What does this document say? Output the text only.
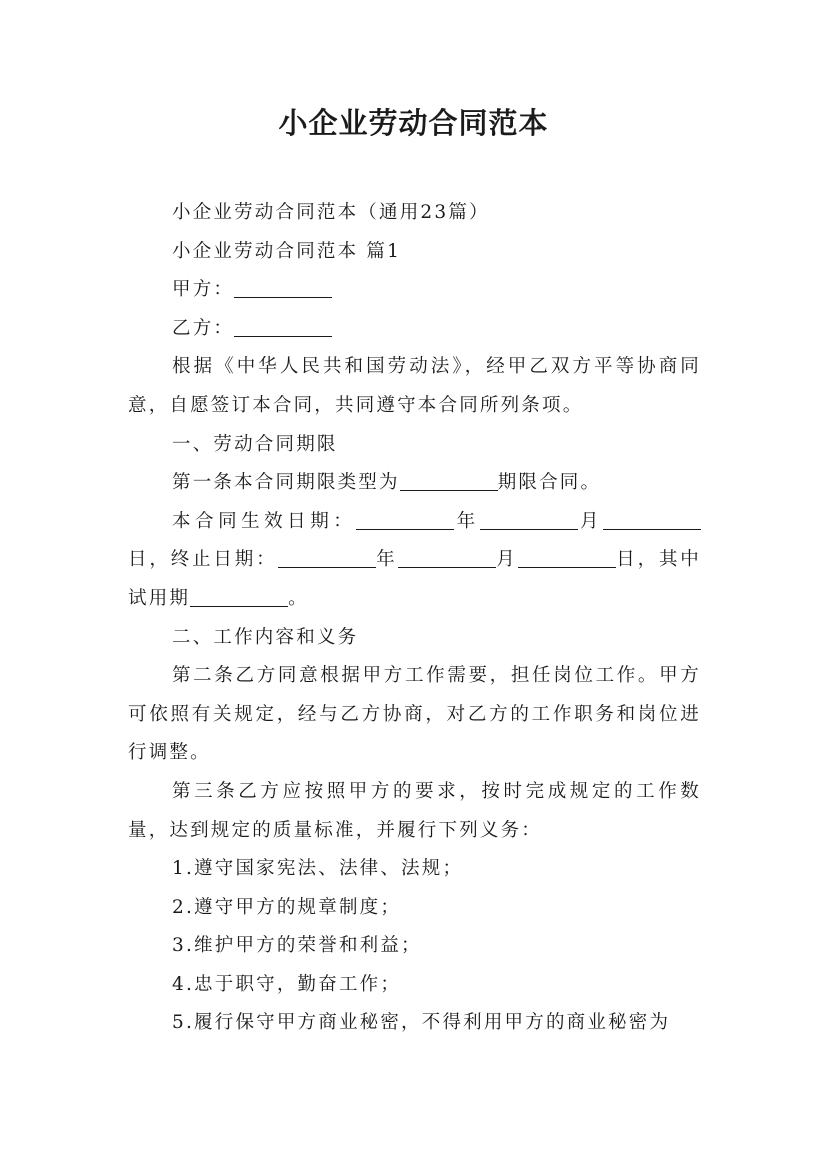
小企业劳动合同范本

小企业劳动合同范本（通用23篇）

小企业劳动合同范本 篇1

甲方：

乙方：

根据《中华人民共和国劳动法》，经甲乙双方平等协商同意，自愿签订本合同，共同遵守本合同所列条项。

一、劳动合同期限

第一条本合同期限类型为	期限合同。

本合同生效日期：	年	月日，终止日期：	年	月	日，其中试用期	。

二、工作内容和义务

第二条乙方同意根据甲方工作需要，担任岗位工作。甲方可依照有关规定，经与乙方协商，对乙方的工作职务和岗位进行调整。

第三条乙方应按照甲方的要求，按时完成规定的工作数量，达到规定的质量标准，并履行下列义务：

1.遵守国家宪法、法律、法规；

2.遵守甲方的规章制度；

3.维护甲方的荣誉和利益；

4.忠于职守，勤奋工作；

5.履行保守甲方商业秘密，不得利用甲方的商业秘密为
